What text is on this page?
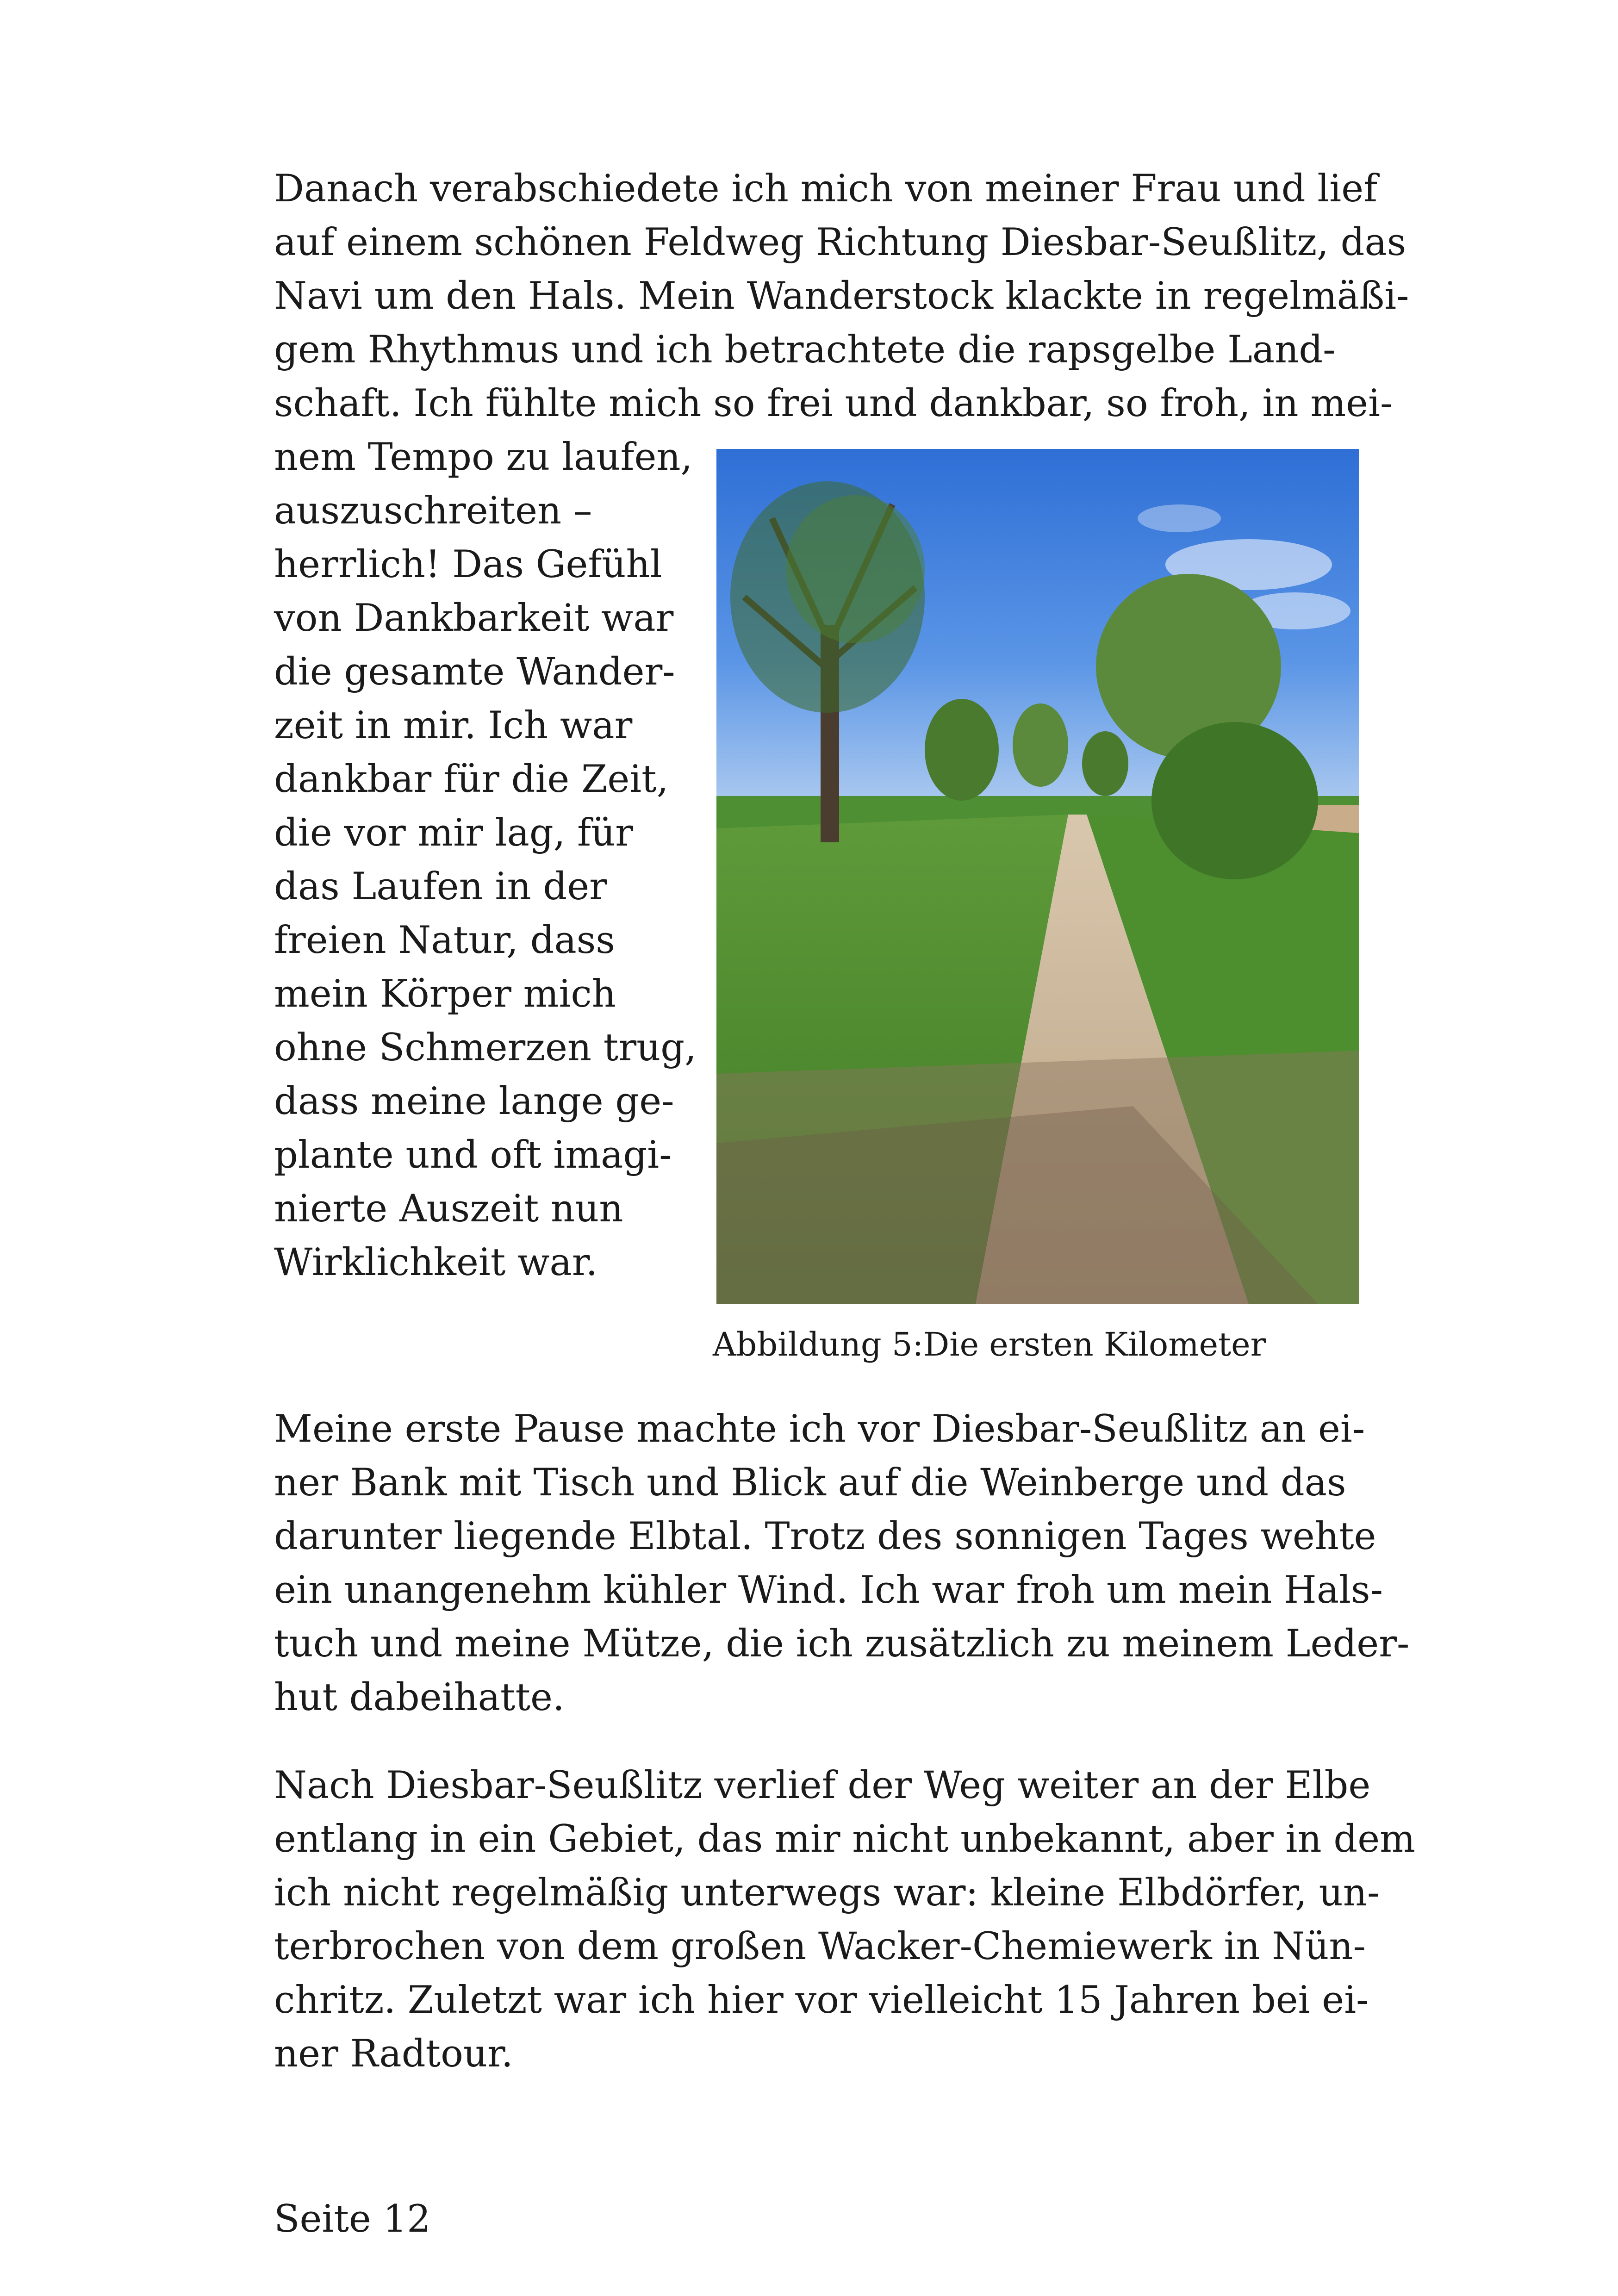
Danach verabschiedete ich mich von meiner Frau und lief
auf einem schönen Feldweg Richtung Diesbar-Seußlitz, das
Navi um den Hals. Mein Wanderstock klackte in regelmäßi-
gem Rhythmus und ich betrachtete die rapsgelbe Land-
schaft. Ich fühlte mich so frei und dankbar, so froh, in mei-
nem Tempo zu laufen,
auszuschreiten –
herrlich! Das Gefühl
von Dankbarkeit war
die gesamte Wander-
zeit in mir. Ich war
dankbar für die Zeit,
die vor mir lag, für
das Laufen in der
freien Natur, dass
mein Körper mich
ohne Schmerzen trug,
dass meine lange ge-
plante und oft imagi-
nierte Auszeit nun
Wirklichkeit war.
Abbildung 5:Die ersten Kilometer
Meine erste Pause machte ich vor Diesbar-Seußlitz an ei-
ner Bank mit Tisch und Blick auf die Weinberge und das
darunter liegende Elbtal. Trotz des sonnigen Tages wehte
ein unangenehm kühler Wind. Ich war froh um mein Hals-
tuch und meine Mütze, die ich zusätzlich zu meinem Leder-
hut dabeihatte.
Nach Diesbar-Seußlitz verlief der Weg weiter an der Elbe
entlang in ein Gebiet, das mir nicht unbekannt, aber in dem
ich nicht regelmäßig unterwegs war: kleine Elbdörfer, un-
terbrochen von dem großen Wacker-Chemiewerk in Nün-
chritz. Zuletzt war ich hier vor vielleicht 15 Jahren bei ei-
ner Radtour.
Seite 12
